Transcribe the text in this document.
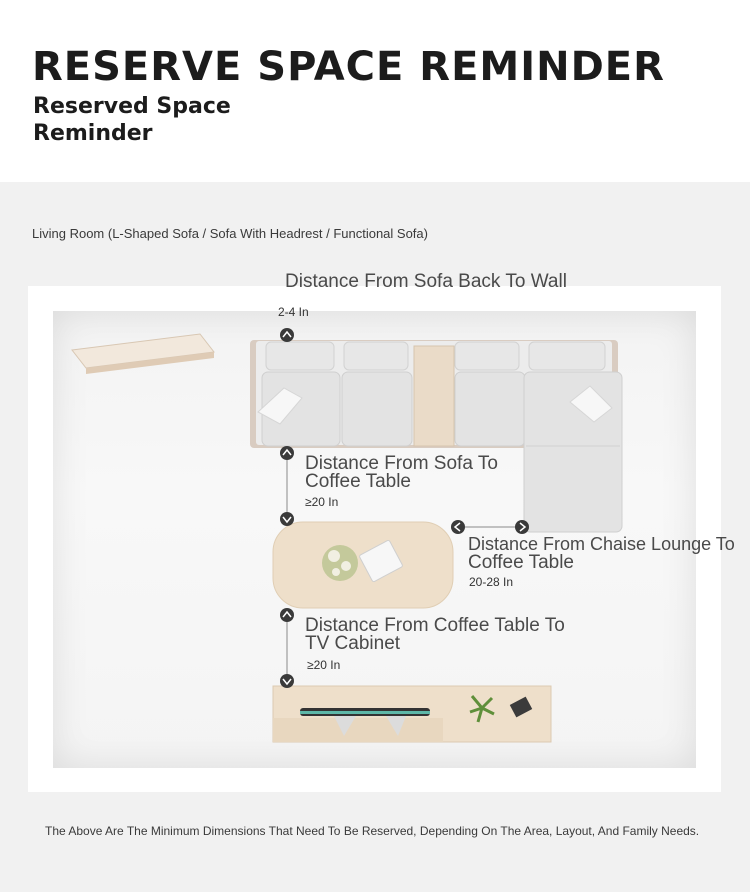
RESERVE SPACE REMINDER
Reserved Space
Reminder
Living Room (L-Shaped Sofa / Sofa With Headrest / Functional Sofa)
Distance From Sofa Back To Wall
2-4 In
Distance From Sofa To
Coffee Table
≥20 In
Distance From Chaise Lounge To
Coffee Table
20-28 In
Distance From Coffee Table To
TV Cabinet
≥20 In
The Above Are The Minimum Dimensions That Need To Be Reserved, Depending On The Area, Layout, And Family Needs.
